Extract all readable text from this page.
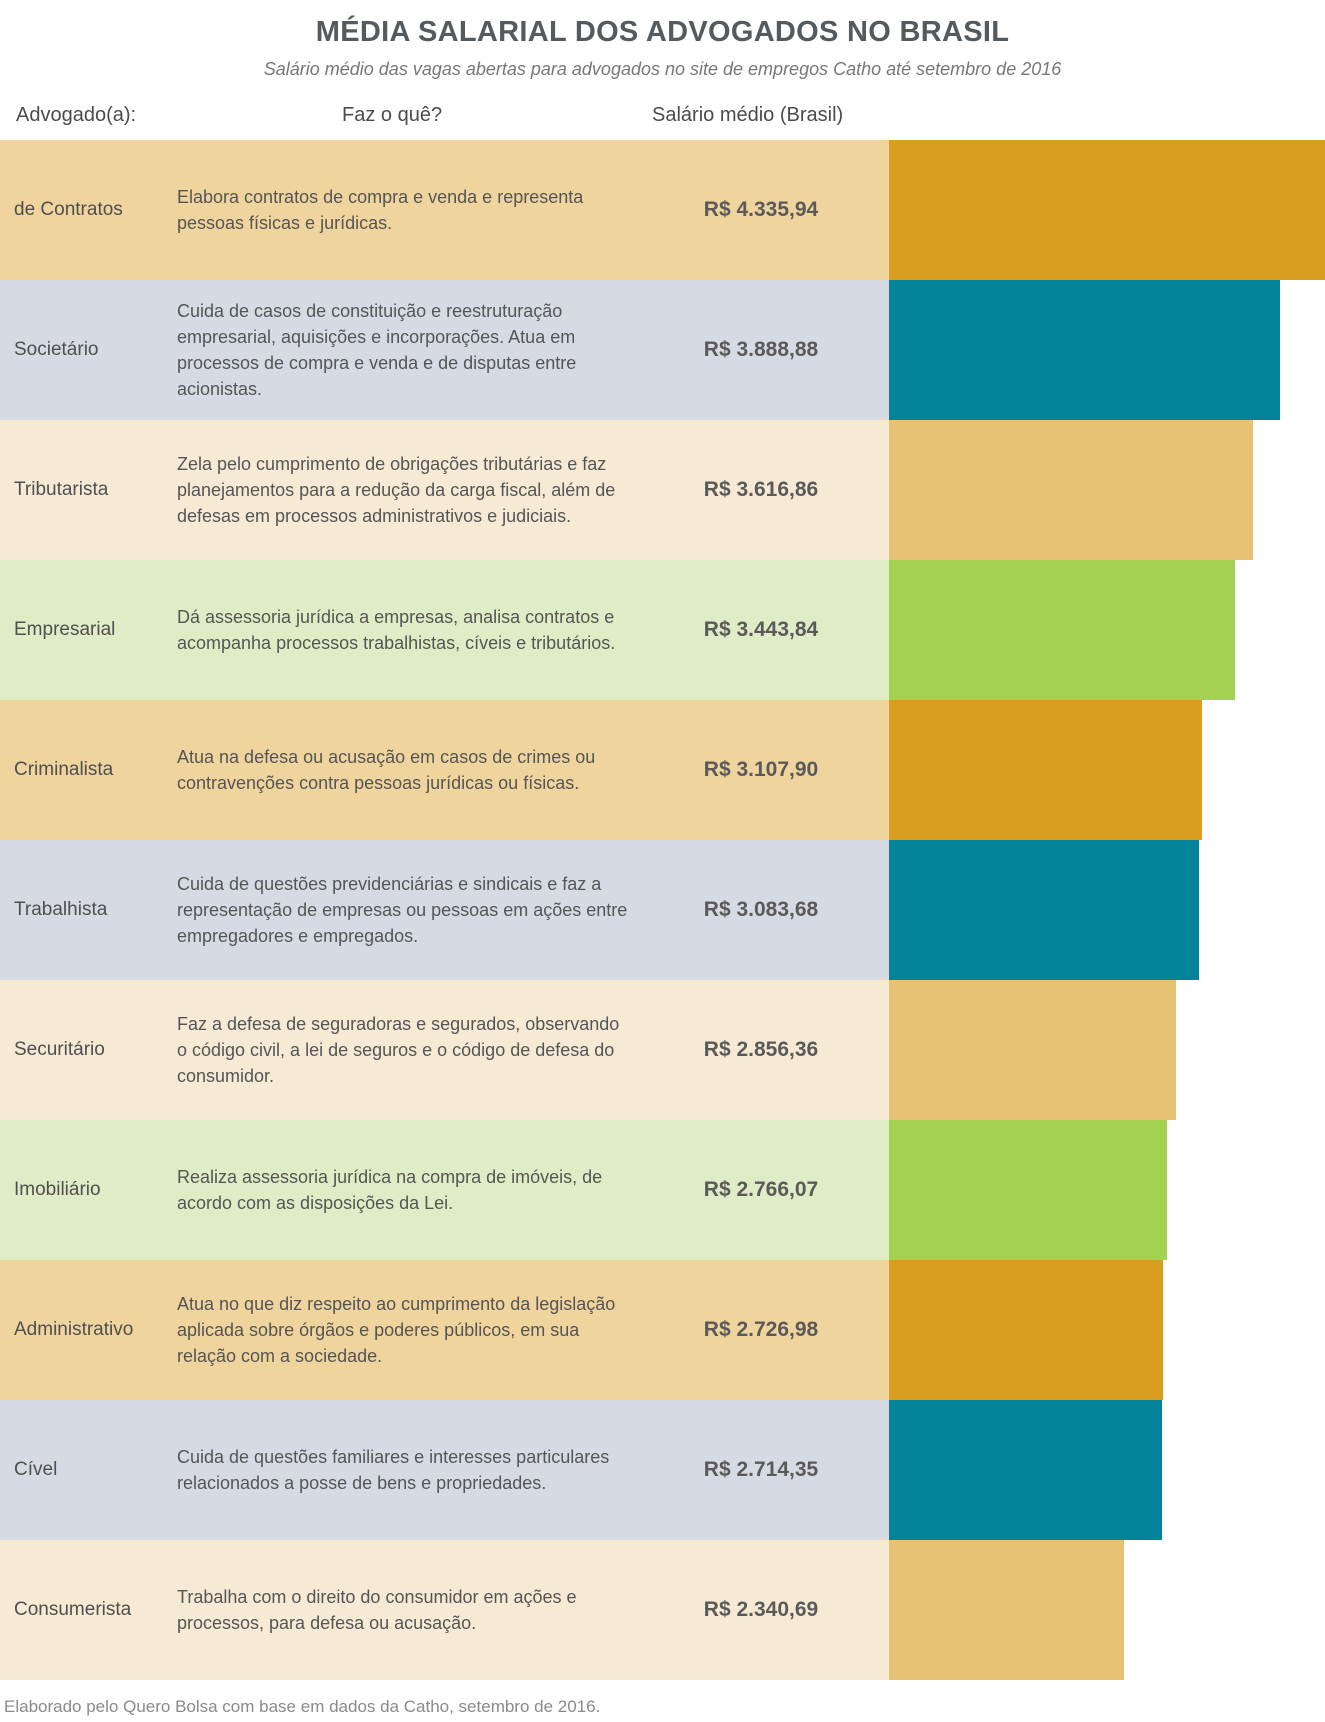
MÉDIA SALARIAL DOS ADVOGADOS NO BRASIL
Salário médio das vagas abertas para advogados no site de empregos Catho até setembro de 2016
Advogado(a):	Faz o quê?	Salário médio (Brasil)
de Contratos
Elabora contratos de compra e venda e representa pessoas físicas e jurídicas.
R$ 4.335,94
Societário
Cuida de casos de constituição e reestruturação empresarial, aquisições e incorporações. Atua em processos de compra e venda e de disputas entre acionistas.
R$ 3.888,88
Tributarista
Zela pelo cumprimento de obrigações tributárias e faz planejamentos para a redução da carga fiscal, além de defesas em processos administrativos e judiciais.
R$ 3.616,86
Empresarial
Dá assessoria jurídica a empresas, analisa contratos e acompanha processos trabalhistas, cíveis e tributários.
R$ 3.443,84
Criminalista
Atua na defesa ou acusação em casos de crimes ou contravenções contra pessoas jurídicas ou físicas.
R$ 3.107,90
Trabalhista
Cuida de questões previdenciárias e sindicais e faz a representação de empresas ou pessoas em ações entre empregadores e empregados.
R$ 3.083,68
Securitário
Faz a defesa de seguradoras e segurados, observando o código civil, a lei de seguros e o código de defesa do consumidor.
R$ 2.856,36
Imobiliário
Realiza assessoria jurídica na compra de imóveis, de acordo com as disposições da Lei.
R$ 2.766,07
Administrativo
Atua no que diz respeito ao cumprimento da legislação aplicada sobre órgãos e poderes públicos, em sua relação com a sociedade.
R$ 2.726,98
Cível
Cuida de questões familiares e interesses particulares relacionados a posse de bens e propriedades.
R$ 2.714,35
Consumerista
Trabalha com o direito do consumidor em ações e processos, para defesa ou acusação.
R$ 2.340,69
Elaborado pelo Quero Bolsa com base em dados da Catho, setembro de 2016.
